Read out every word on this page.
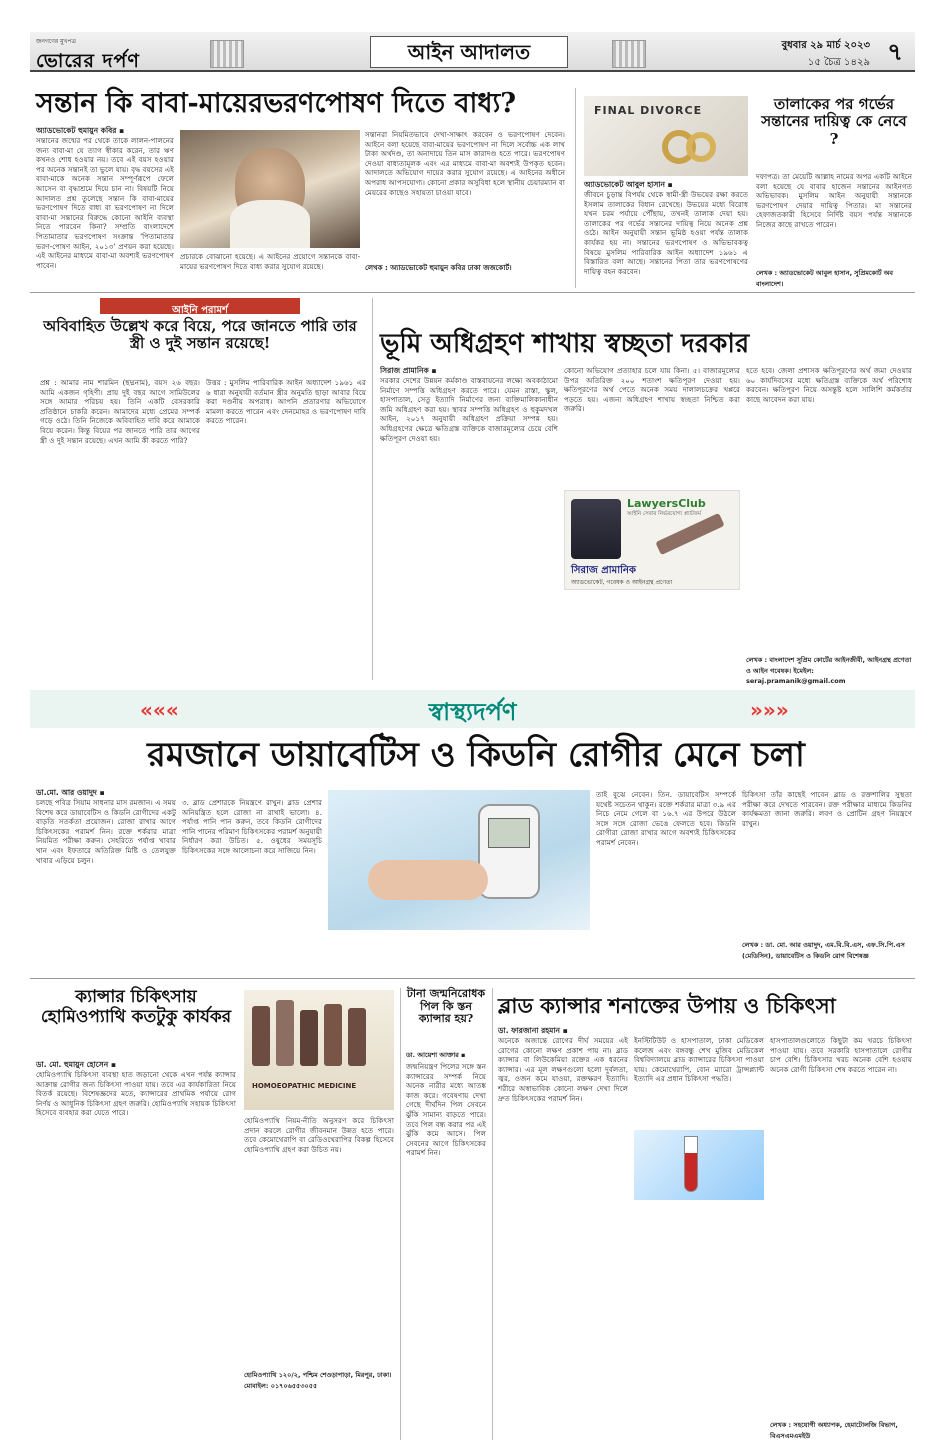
জনগণের মুখপত্র
ভোরের দর্পণ	আইন আদালত	বুধবার ২৯ মার্চ ২০২৩
১৫ চৈত্র ১৪২৯ ৭
সন্তান কি বাবা-মায়েরভরণপোষণ দিতে বাধ্য?
অ্যাডভোকেট হুমায়ুন কবির ▪
সন্তানের জন্মের পর থেকে তাকে লালন-পালনের জন্য বাবা-মা যে ত্যাগ স্বীকার করেন, তার ঋণ কখনও শোধ হওয়ার নয়। তবে এই বয়স হওয়ার পর অনেক সন্তানই তা ভুলে যায়। বৃদ্ধ বয়সের এই বাবা-মাকে অনেক সন্তান সম্পূর্ণরূপে ফেলে আসেন বা বৃদ্ধাশ্রমে দিয়ে চান না। বিষয়টি নিয়ে আদালত প্রশ্ন তুলেছে সন্তান কি বাবা-মায়ের ভরণপোষণ দিতে বাধ্য বা ভরণপোষণ না দিলে বাবা-মা সন্তানের বিরুদ্ধে কোনো আইনি ব্যবস্থা নিতে পারবেন কিনা? সম্প্রতি বাংলাদেশে পিতামাতার ভরণপোষণ সংক্রান্ত 'পিতামাতার ভরণ-পোষণ আইন, ২০১৩' প্রণয়ন করা হয়েছে। এই আইনের মাধ্যমে বাবা-মা অবশ্যই ভরণপোষণ পাবেন।
প্রচারকে বোঝানো হয়েছে। এ আইনের প্রয়োগে সন্তানকে বাবা-মায়ের ভরণপোষণ দিতে বাধ্য করার সুযোগ রয়েছে।
সন্তানরা নিয়মিতভাবে দেখা-সাক্ষাৎ করবেন ও ভরণপোষণ দেবেন। আইনে বলা হয়েছে বাবা-মায়ের ভরণপোষণ না দিলে সর্বোচ্চ এক লাখ টাকা অর্থদণ্ড, তা অনাদায়ে তিন মাস কারাদণ্ড হতে পারে। ভরণপোষণ দেওয়া বাধ্যতামূলক এবং এর মাধ্যমে বাবা-মা অবশ্যই উপকৃত হবেন। আদালতে অভিযোগ দায়ের করার সুযোগ রয়েছে। এ আইনের অধীনে অপরাধ আপসযোগ্য। কোনো প্রকার অসুবিধা হলে স্থানীয় চেয়ারম্যান বা মেয়রের কাছেও সহায়তা চাওয়া যাবে।
লেখক : অ্যাডভোকেট হুমায়ুন কবির ঢাকা জজকোর্ট।
FINAL DIVORCE	তালাকের পর গর্ভের সন্তানের দায়িত্ব কে নেবে ?
অ্যাডভোকেট আবুল হাসান ▪
জীবনে চুড়ান্ত বিপর্যয় থেকে স্বামী-স্ত্রী উভয়ের রক্ষা করতে ইসলাম তালাকের বিধান রেখেছে। উভয়ের মধ্যে বিরোধ যখন চরম পর্যায়ে পৌঁছায়, তখনই তালাক দেয়া হয়। তালাকের পর গর্ভের সন্তানের দায়িত্ব নিয়ে অনেক প্রশ্ন ওঠে। আইন অনুযায়ী সন্তান ভূমিষ্ঠ হওয়া পর্যন্ত তালাক কার্যকর হয় না। সন্তানের ভরণপোষণ ও অভিভাবকত্ব বিষয়ে মুসলিম পারিবারিক আইন অধ্যাদেশ ১৯৬১ এ বিস্তারিত বলা আছে। সন্তানের পিতা তার ভরণপোষণের দায়িত্ব বহন করবেন।
দফাপত্র। তা মেয়েটি আল্লাহ নামের অপর একটি আইনে বলা হয়েছে যে বাবার হাজেন সন্তানের আইনগত অভিভাবক। মুসলিম আইন অনুযায়ী সন্তানকে ভরণপোষণ দেয়ার দায়িত্ব পিতার। মা সন্তানের হেফাজতকারী হিসেবে নির্দিষ্ট বয়স পর্যন্ত সন্তানকে নিজের কাছে রাখতে পারেন।
লেখক : অ্যাডভোকেট আবুল হাসান, সুপ্রিমকোর্ট অব বাংলাদেশ।
আইনি পরামর্শ
অবিবাহিত উল্লেখ করে বিয়ে, পরে জানতে পারি তার স্ত্রী ও দুই সন্তান রয়েছে!
প্রশ্ন : আমার নাম শারমিন (ছদ্মনাম), বয়স ২৬ বছর। আমি একজন গৃহিণী। প্রায় দুই বছর আগে সামিউলের সঙ্গে আমার পরিচয় হয়। তিনি একটি বেসরকারি প্রতিষ্ঠানে চাকরি করেন। আমাদের মধ্যে প্রেমের সম্পর্ক গড়ে ওঠে। তিনি নিজেকে অবিবাহিত দাবি করে আমাকে বিয়ে করেন। কিন্তু বিয়ের পর জানতে পারি তার আগের স্ত্রী ও দুই সন্তান রয়েছে। এখন আমি কী করতে পারি?
উত্তর : মুসলিম পারিবারিক আইন অধ্যাদেশ ১৯৬১ এর ৬ ধারা অনুযায়ী বর্তমান স্ত্রীর অনুমতি ছাড়া আবার বিয়ে করা দণ্ডনীয় অপরাধ। আপনি প্রতারণার অভিযোগে মামলা করতে পারেন এবং দেনমোহর ও ভরণপোষণ দাবি করতে পারেন।
ভূমি অধিগ্রহণ শাখায় স্বচ্ছতা দরকার
সিরাজ প্রামানিক ▪
সরকার দেশের উন্নয়ন কর্মকাণ্ড বাস্তবায়নের লক্ষ্যে অবকাঠামো নির্মাণে সম্পত্তি অধিগ্রহণ করতে পারে। যেমন রাস্তা, স্কুল, হাসপাতাল, সেতু ইত্যাদি নির্মাণের জন্য ব্যক্তিমালিকানাধীন জমি অধিগ্রহণ করা হয়। স্থাবর সম্পত্তি অধিগ্রহণ ও হুকুমদখল আইন, ২০১৭ অনুযায়ী অধিগ্রহণ প্রক্রিয়া সম্পন্ন হয়। অধিগ্রহণের ক্ষেত্রে ক্ষতিগ্রস্ত ব্যক্তিকে বাজারমূল্যের চেয়ে বেশি ক্ষতিপূরণ দেওয়া হয়।
কোনো অভিযোগ প্রত্যাহার চলে যায় কিনা। ৫। বাজারমূল্যের উপর অতিরিক্ত ২০০ শতাংশ ক্ষতিপূরণ দেওয়া হয়। ক্ষতিপূরণের অর্থ পেতে অনেক সময় দালালচক্রের খপ্পরে পড়তে হয়। এজন্য অধিগ্রহণ শাখায় স্বচ্ছতা নিশ্চিত করা জরুরি।
হতে হবে। জেলা প্রশাসক ক্ষতিপূরণের অর্থ জমা দেওয়ার ৬০ কার্যদিবসের মধ্যে ক্ষতিগ্রস্ত ব্যক্তিকে অর্থ পরিশোধ করবেন। ক্ষতিপূরণ নিয়ে অসন্তুষ্ট হলে সালিশি কর্মকর্তার কাছে আবেদন করা যায়।
LawyersClub
আইনি সেবার নির্ভরযোগ্য প্ল্যাটফর্ম
সিরাজ প্রামানিক
অ্যাডভোকেট, গবেষক ও আইনগ্রন্থ প্রণেতা
লেখক : বাংলাদেশ সুপ্রিম কোর্টের আইনজীবী, আইনগ্রন্থ প্রণেতা ও আইন গবেষক। ইমেইল: seraj.pramanik@gmail.com
«««	স্বাস্থ্যদর্পণ	»»»
রমজানে ডায়াবেটিস ও কিডনি রোগীর মেনে চলা
ডা.মো. আর ওয়াদুদ ▪
চলছে পবিত্র সিয়াম সাধনার মাস রমজান। এ সময় বিশেষ করে ডায়াবেটিস ও কিডনি রোগীদের একটু বাড়তি সতর্কতা প্রয়োজন। রোজা রাখার আগে চিকিৎসকের পরামর্শ নিন। রক্তে শর্করার মাত্রা নিয়মিত পরীক্ষা করুন। সেহরিতে পর্যাপ্ত খাবার খান এবং ইফতারে অতিরিক্ত মিষ্টি ও তেলযুক্ত খাবার এড়িয়ে চলুন।
৩. ব্লাড প্রেশারকে নিয়ন্ত্রণে রাখুন। ব্লাড প্রেশার অনিয়ন্ত্রিত হলে রোজা না রাখাই ভালো। ৪. পর্যাপ্ত পানি পান করুন, তবে কিডনি রোগীদের পানি পানের পরিমাণ চিকিৎসকের পরামর্শ অনুযায়ী নির্ধারণ করা উচিত। ৫. ওষুধের সময়সূচি চিকিৎসকের সঙ্গে আলোচনা করে সাজিয়ে নিন।
তাই বুঝে নেবেন। তিন. ডায়াবেটিস সম্পর্কে যথেষ্ট সচেতন থাকুন। রক্তে শর্করার মাত্রা ৩.৯ এর নিচে নেমে গেলে বা ১৬.৭ এর উপরে উঠলে সঙ্গে সঙ্গে রোজা ভেঙে ফেলতে হবে। কিডনি রোগীরা রোজা রাখার আগে অবশ্যই চিকিৎসকের পরামর্শ নেবেন।
চিকিৎসা তাঁর কাছেই পাবেন ব্লাড ও রক্তশালির সুস্থতা পরীক্ষা করে দেখতে পারবেন। রক্ত পরীক্ষার মাধ্যমে কিডনির কার্যক্ষমতা জানা জরুরি। লবণ ও প্রোটিন গ্রহণ নিয়ন্ত্রণে রাখুন।
লেখক : ডা. মো. আর ওয়াদুদ, এম.বি.বি.এস, এফ.সি.পি.এস (মেডিসিন), ডায়াবেটিস ও কিডনি রোগ বিশেষজ্ঞ
ক্যান্সার চিকিৎসায় হোমিওপ্যাথি কতটুকু কার্যকর
ডা. মো. হুমায়ুন হোসেন ▪
হোমিওপ্যাথি চিকিৎসা ব্যবস্থা হাত জড়ানো থেকে এখন পর্যন্ত ক্যান্সার আক্রান্ত রোগীর জন্য চিকিৎসা পাওয়া যায়। তবে এর কার্যকারিতা নিয়ে বিতর্ক রয়েছে। বিশেষজ্ঞদের মতে, ক্যান্সারের প্রাথমিক পর্যায়ে রোগ নির্ণয় ও আধুনিক চিকিৎসা গ্রহণ জরুরি। হোমিওপ্যাথি সহায়ক চিকিৎসা হিসেবে ব্যবহার করা যেতে পারে।
HOMOEOPATHIC MEDICINE
হোমিওপ্যাথি নিয়ম-নীতি অনুসরণ করে চিকিৎসা প্রদান করলে রোগীর জীবনমান উন্নত হতে পারে। তবে কেমোথেরাপি বা রেডিওথেরাপির বিকল্প হিসেবে হোমিওপ্যাথি গ্রহণ করা উচিত নয়।
হোমিওপ্যাথি ১২০/২, পশ্চিম শেওড়াপাড়া, মিরপুর, ঢাকা। মোবাইল: ০১৭০৬৫৫৩০৫৫
টানা জন্মনিরোধক পিল কি স্তন ক্যান্সার হয়?
ডা. আয়েশা আক্তার ▪
জন্মনিয়ন্ত্রণ পিলের সঙ্গে স্তন ক্যান্সারের সম্পর্ক নিয়ে অনেক নারীর মধ্যে আতঙ্ক কাজ করে। গবেষণায় দেখা গেছে দীর্ঘদিন পিল সেবনে ঝুঁকি সামান্য বাড়তে পারে। তবে পিল বন্ধ করার পর এই ঝুঁকি কমে আসে। পিল সেবনের আগে চিকিৎসকের পরামর্শ নিন।
ব্লাড ক্যান্সার শনাক্তের উপায় ও চিকিৎসা
ডা. ফারজানা রহমান ▪
অনেকে অজান্তে রোগের দীর্ঘ সময়ের এই রোগের কোনো লক্ষণ প্রকাশ পায় না। ব্লাড ক্যান্সার বা লিউকেমিয়া রক্তের এক ধরনের ক্যান্সার। এর মূল লক্ষণগুলো হলো দুর্বলতা, জ্বর, ওজন কমে যাওয়া, রক্তক্ষরণ ইত্যাদি। শরীরে অস্বাভাবিক কোনো লক্ষণ দেখা দিলে দ্রুত চিকিৎসকের পরামর্শ নিন।
ইনস্টিটিউট ও হাসপাতাল, ঢাকা মেডিকেল কলেজ এবং বঙ্গবন্ধু শেখ মুজিব মেডিকেল বিশ্ববিদ্যালয়ে ব্লাড ক্যান্সারের চিকিৎসা পাওয়া যায়। কেমোথেরাপি, বোন ম্যারো ট্রান্সপ্ল্যান্ট ইত্যাদি এর প্রধান চিকিৎসা পদ্ধতি।
হাসপাতালগুলোতে কিছুটা কম খরচে চিকিৎসা পাওয়া যায়। তবে সরকারি হাসপাতালে রোগীর চাপ বেশি। চিকিৎসার খরচ অনেক বেশি হওয়ায় অনেক রোগী চিকিৎসা শেষ করতে পারেন না।
লেখক : সহযোগী অধ্যাপক, হেমাটোলজি বিভাগ, বিএসএমএমইউ
